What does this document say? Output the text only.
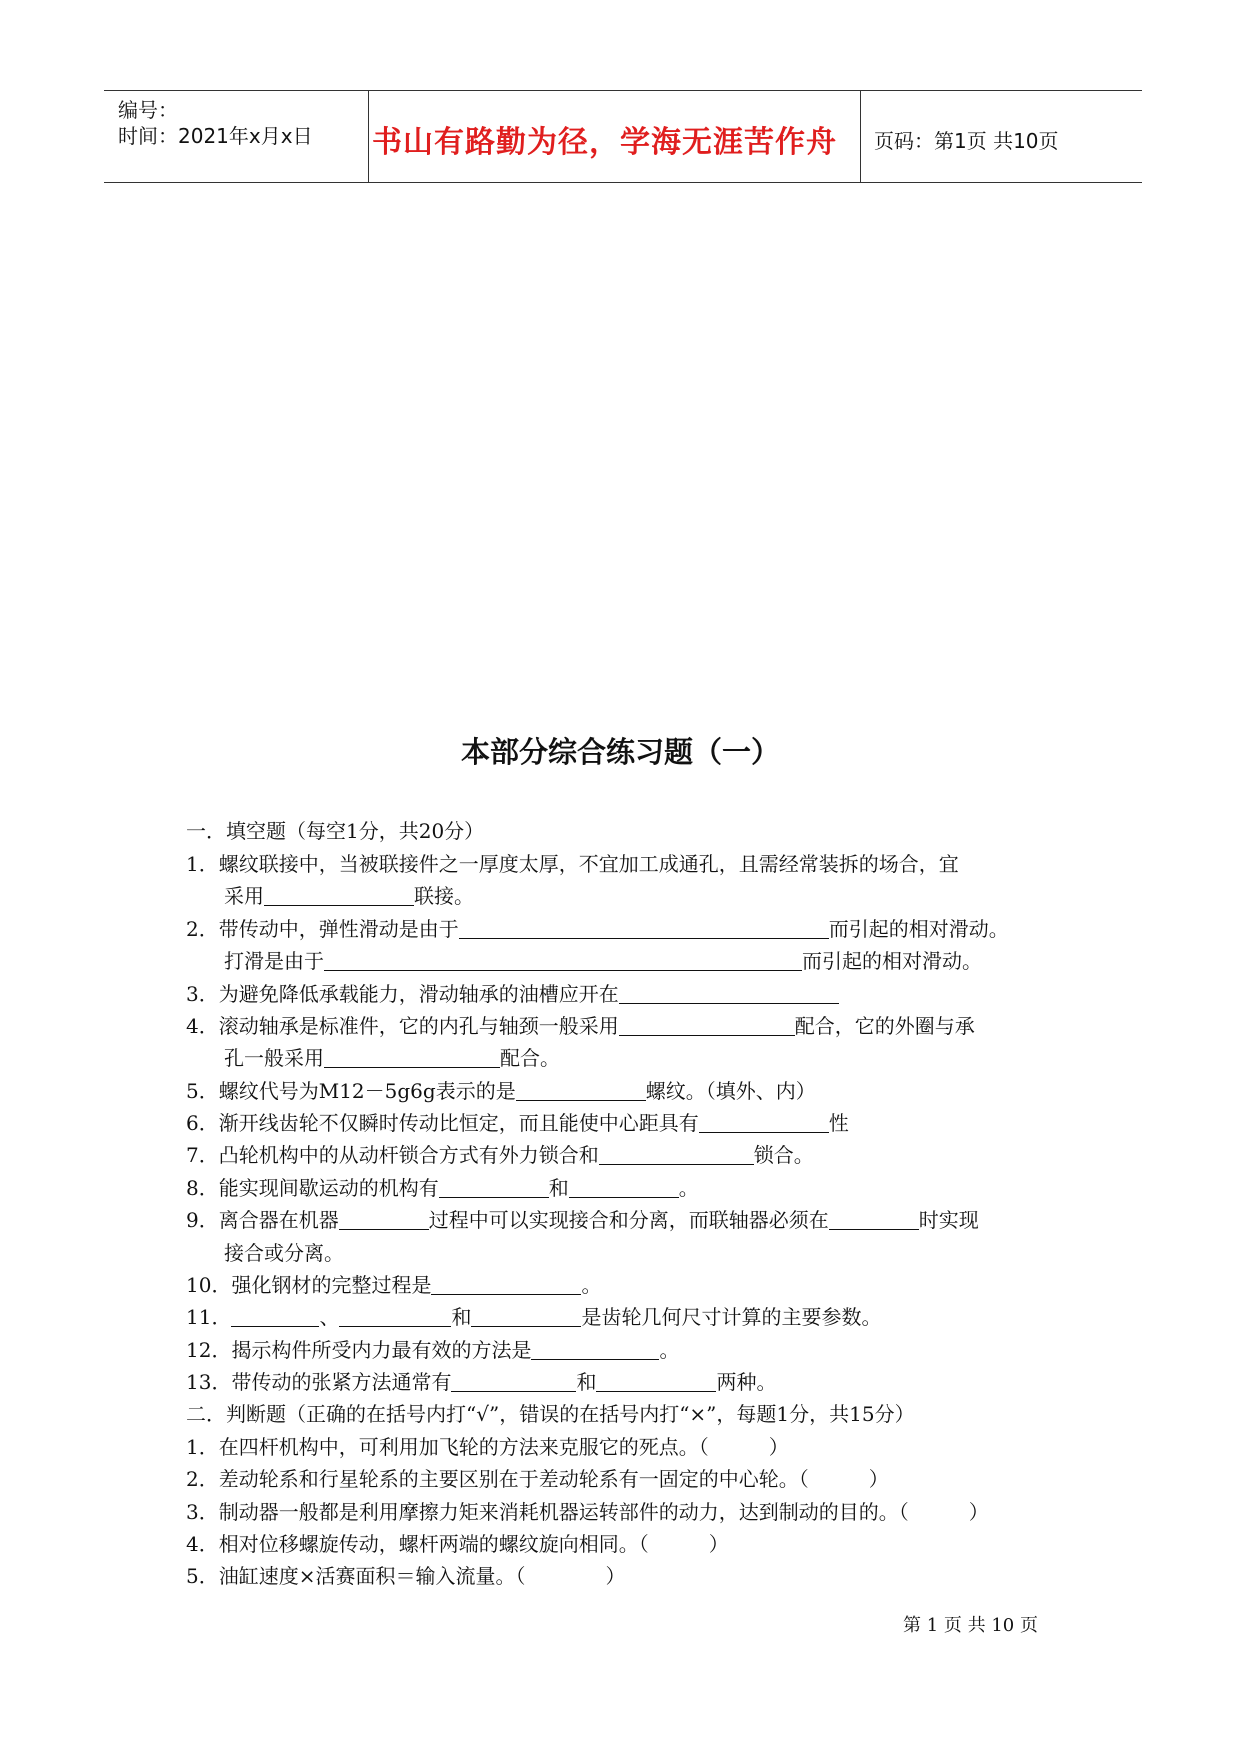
编号：
时间：2021年x月x日 书山有路勤为径，学海无涯苦作舟	页码：第1页 共10页
本部分综合练习题（一）
一．填空题（每空1分，共20分）
1．螺纹联接中，当被联接件之一厚度太厚，不宜加工成通孔，且需经常装拆的场合，宜
采用	联接。
2．带传动中，弹性滑动是由于	而引起的相对滑动。
打滑是由于	而引起的相对滑动。
3．为避免降低承载能力，滑动轴承的油槽应开在
4．滚动轴承是标准件，它的内孔与轴颈一般采用	配合，它的外圈与承
孔一般采用	配合。
5．螺纹代号为M12－5g6g表示的是	螺纹。（填外、内）
6．渐开线齿轮不仅瞬时传动比恒定，而且能使中心距具有	性
7．凸轮机构中的从动杆锁合方式有外力锁合和	锁合。
8．能实现间歇运动的机构有	和	。
9．离合器在机器	过程中可以实现接合和分离，而联轴器必须在	时实现
接合或分离。
10．强化钢材的完整过程是	。
11．	、	和	是齿轮几何尺寸计算的主要参数。
12．揭示构件所受内力最有效的方法是	。
13．带传动的张紧方法通常有	和	两种。
二．判断题（正确的在括号内打“√”，错误的在括号内打“×”，每题1分，共15分）
1．在四杆机构中，可利用加飞轮的方法来克服它的死点。（　　　）
2．差动轮系和行星轮系的主要区别在于差动轮系有一固定的中心轮。（　　　）
3．制动器一般都是利用摩擦力矩来消耗机器运转部件的动力，达到制动的目的。（　　　）
4．相对位移螺旋传动，螺杆两端的螺纹旋向相同。（　　　）
5．油缸速度×活赛面积＝输入流量。（　　　　）
第 1 页 共 10 页
